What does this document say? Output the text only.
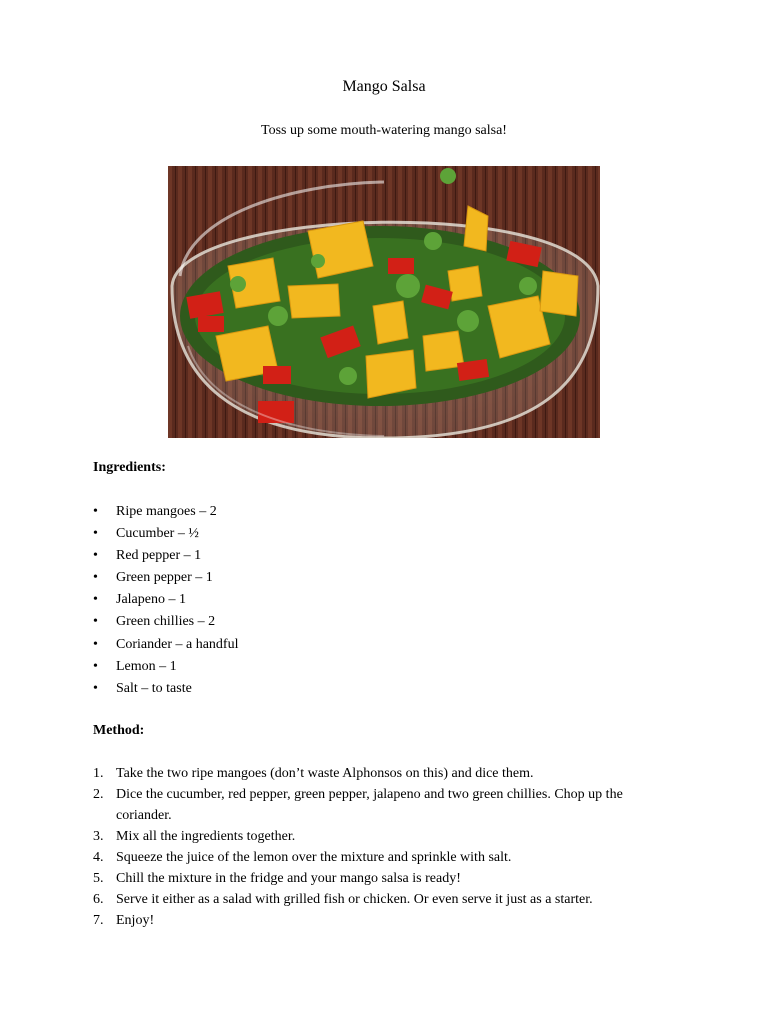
Mango Salsa
Toss up some mouth-watering mango salsa!
Ingredients:
• Ripe mangoes – 2
• Cucumber – ½
• Red pepper – 1
• Green pepper – 1
• Jalapeno – 1
• Green chillies – 2
• Coriander – a handful
• Lemon – 1
• Salt – to taste
Method:
1. Take the two ripe mangoes (don’t waste Alphonsos on this) and dice them.
2. Dice the cucumber, red pepper, green pepper, jalapeno and two green chillies. Chop up the coriander.
3. Mix all the ingredients together.
4. Squeeze the juice of the lemon over the mixture and sprinkle with salt.
5. Chill the mixture in the fridge and your mango salsa is ready!
6. Serve it either as a salad with grilled fish or chicken. Or even serve it just as a starter.
7. Enjoy!
